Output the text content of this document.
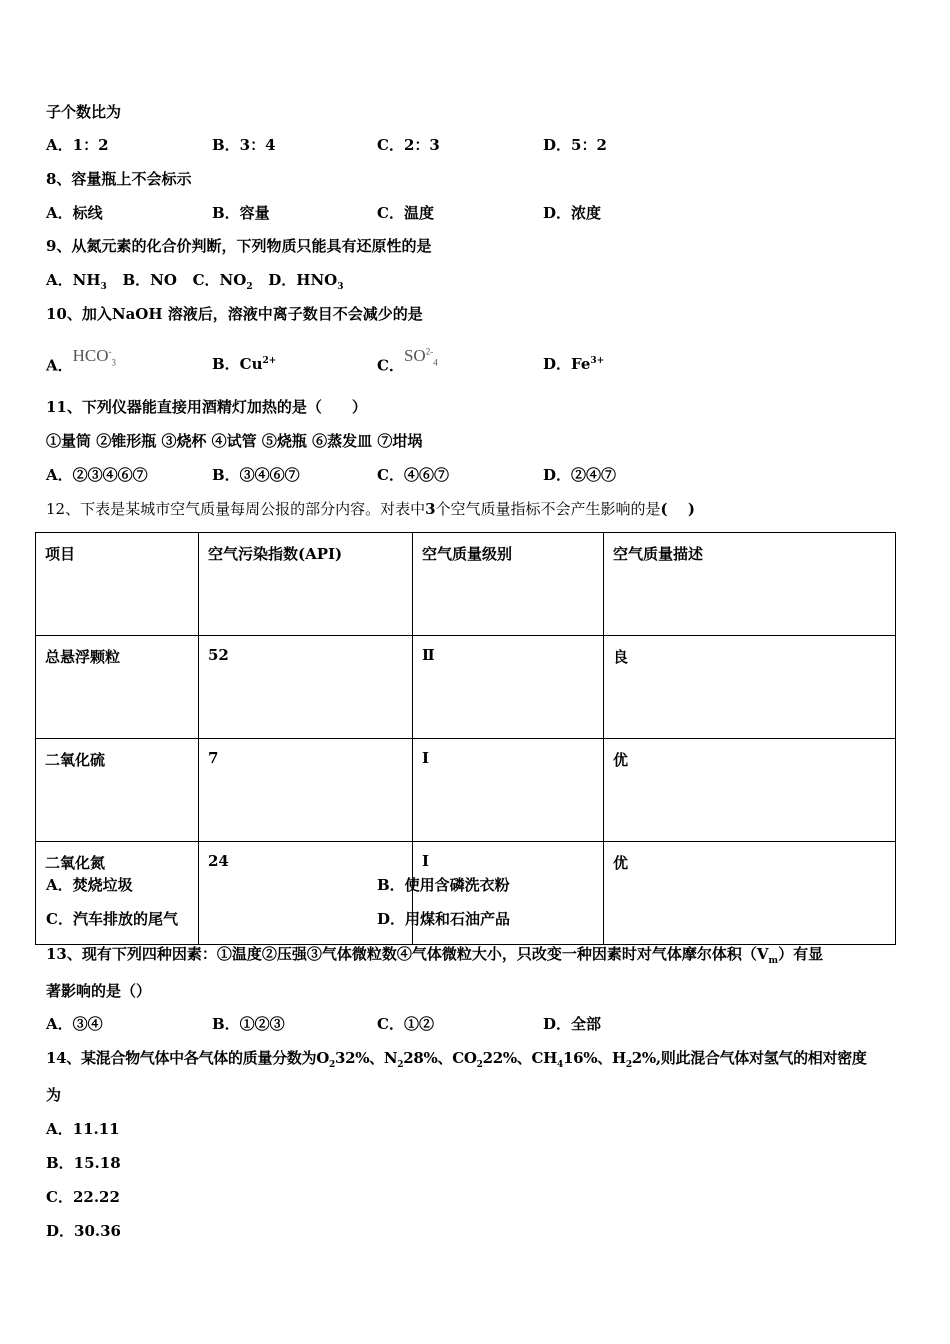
子个数比为
A．1：2	B．3：4	C．2：3	D．5：2
8、容量瓶上不会标示
A．标线	B．容量	C．温度	D．浓度
9、从氮元素的化合价判断，下列物质只能具有还原性的是
A．$NH_3$ B．NO C．$NO_2$ D．$HNO_3$
10、加入NaOH 溶液后，溶液中离子数目不会减少的是
A．$HCO^-_3$	B．$Cu^{2+}$	C．$SO^{2-}_4$	D．$Fe^{3+}$
11、下列仪器能直接用酒精灯加热的是（　　）
①量筒 ②锥形瓶 ③烧杯 ④试管 ⑤烧瓶 ⑥蒸发皿 ⑦坩埚
A．②③④⑥⑦	B．③④⑥⑦	C．④⑥⑦	D．②④⑦
12、下表是某城市空气质量每周公报的部分内容。对表中3个空气质量指标不会产生影响的是(　 )
项目	空气污染指数(API)	空气质量级别	空气质量描述
总悬浮颗粒	52	Ⅱ	良
二氧化硫	7	I	优
二氧化氮	24	I	优
A．焚烧垃圾	B．使用含磷洗衣粉
C．汽车排放的尾气	D．用煤和石油产品
13、现有下列四种因素：①温度②压强③气体微粒数④气体微粒大小，只改变一种因素时对气体摩尔体积$(V_m)$有显
著影响的是（）
A．③④	B．①②③	C．①②	D．全部
14、某混合物气体中各气体的质量分数为$O_232\%$、$N_228\%$、$CO_222\%$、$CH_416\%$、$H_22\%$,则此混合气体对氢气的相对密度
为
A．11.11
B．15.18
C．22.22
D．30.36
